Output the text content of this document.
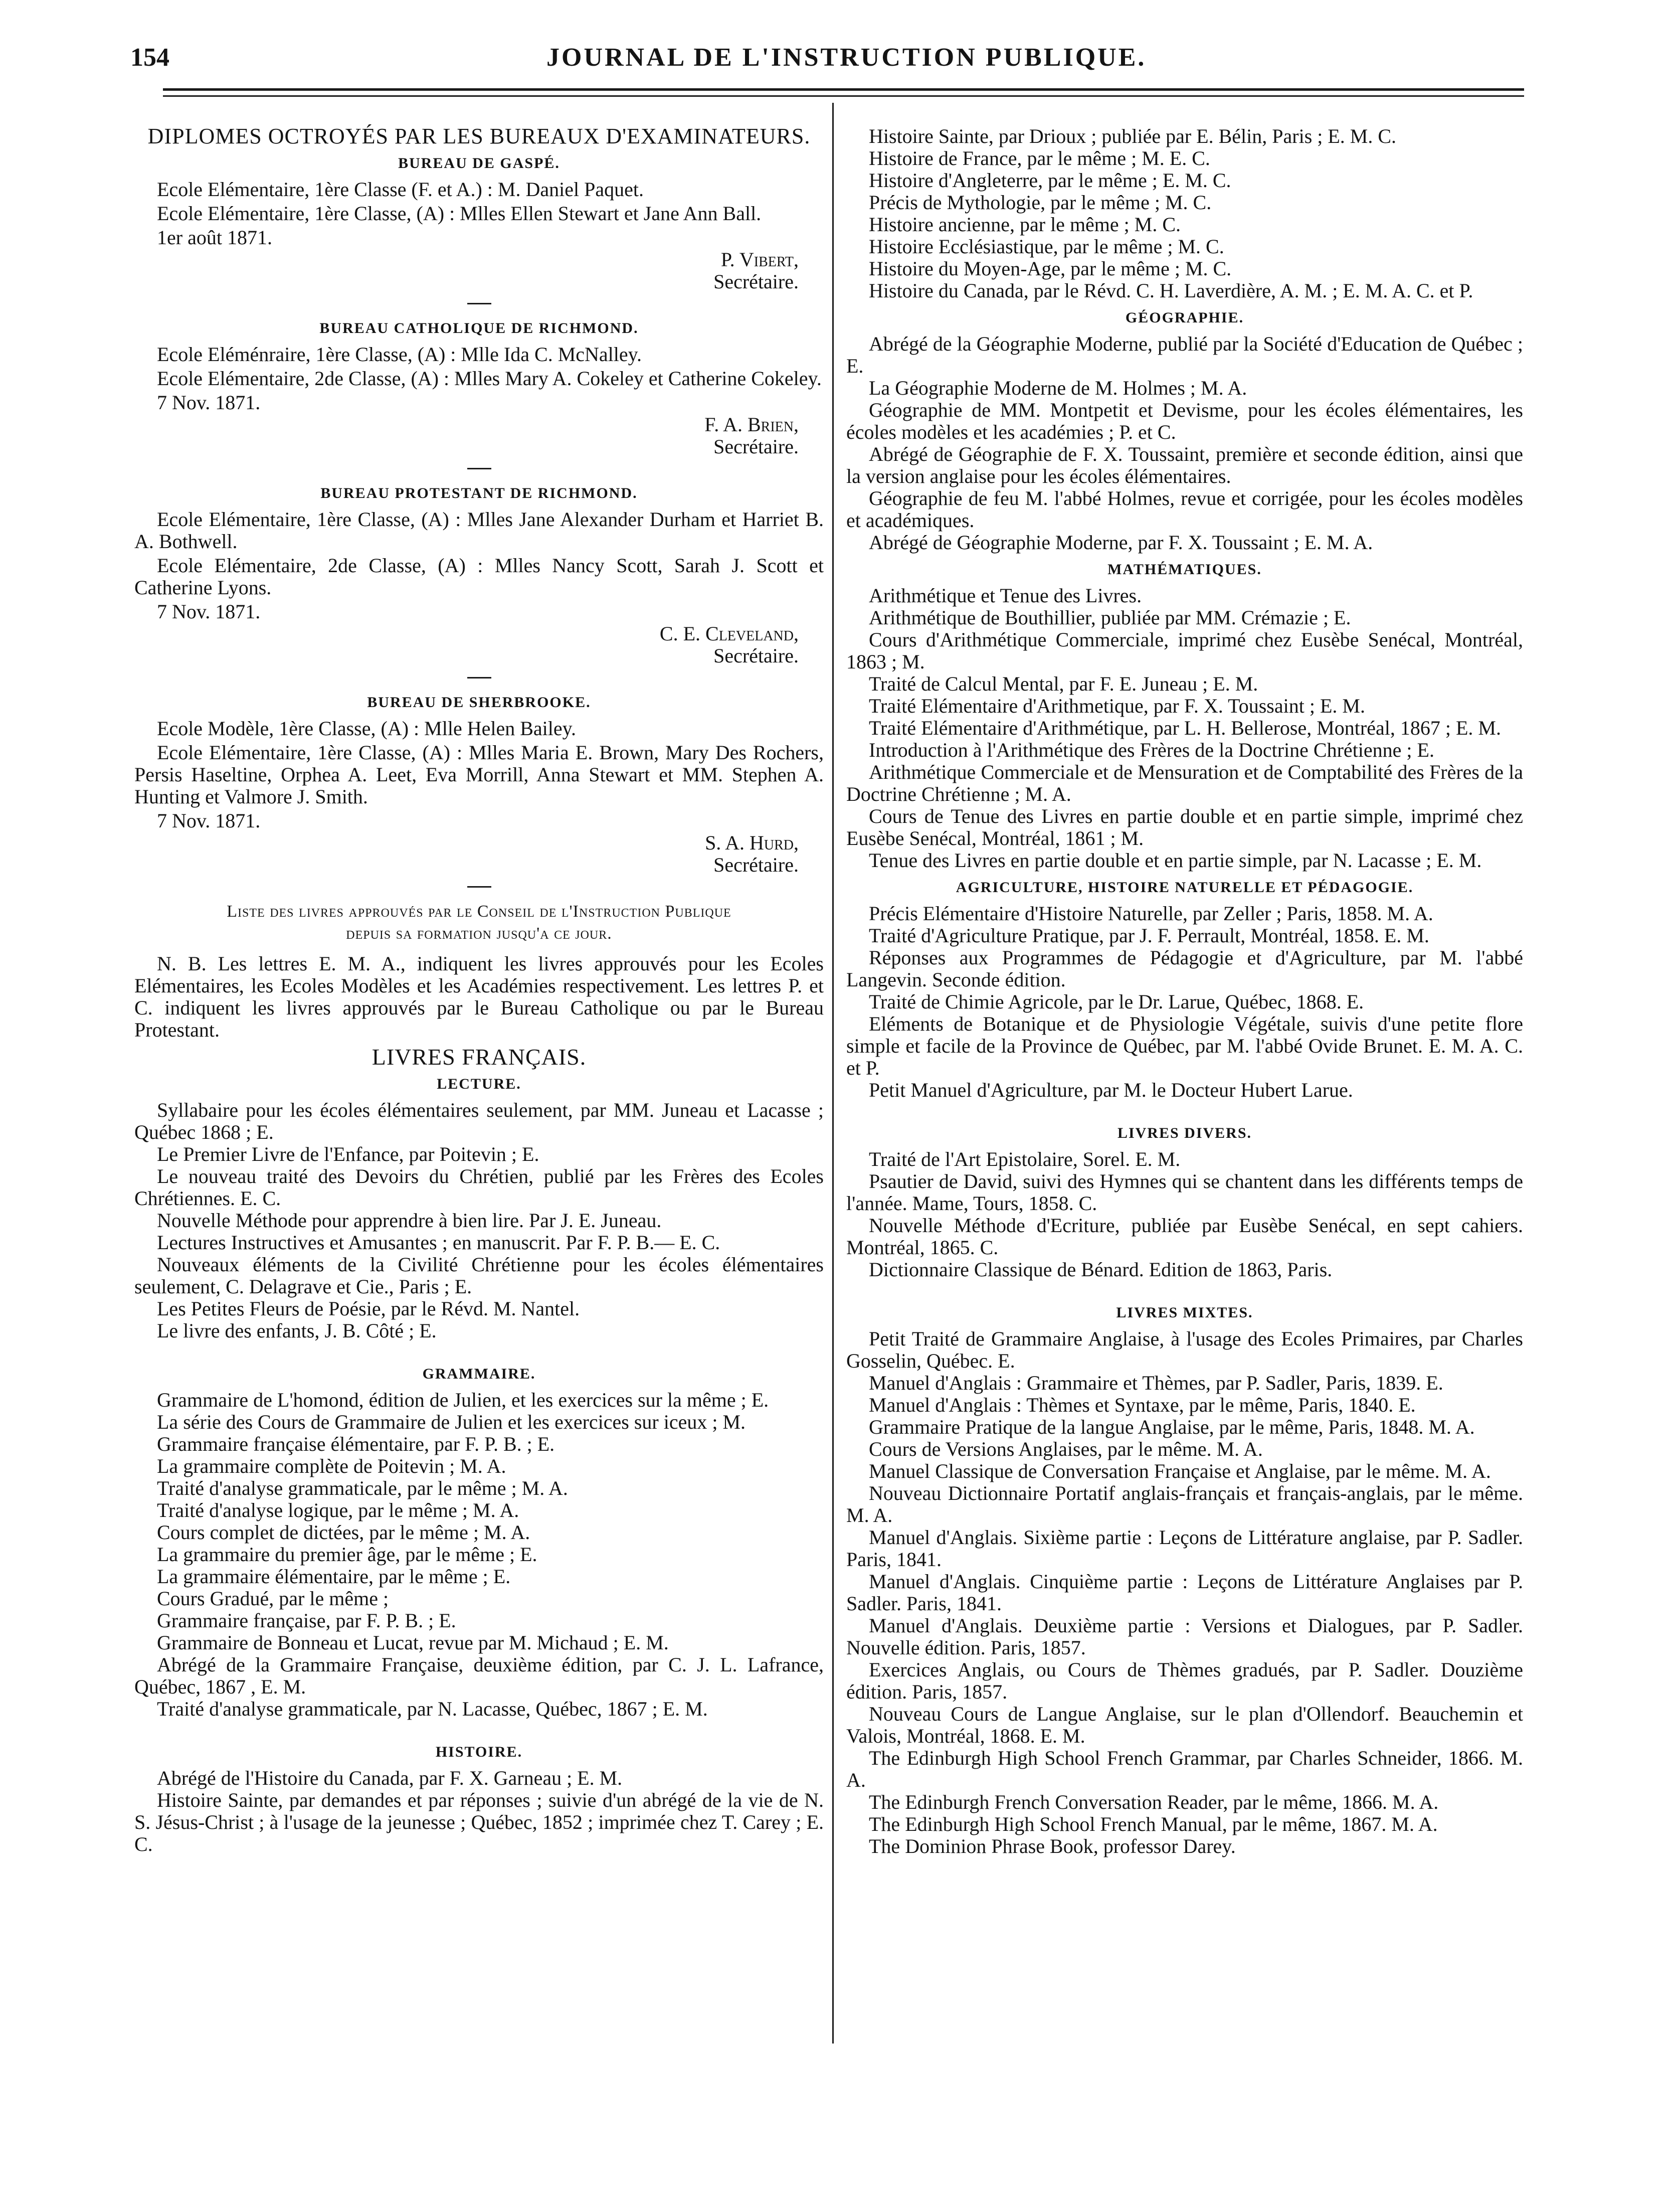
154	JOURNAL DE L'INSTRUCTION PUBLIQUE.
DIPLOMES OCTROYÉS PAR LES BUREAUX D'EXAMINATEURS.
BUREAU DE GASPÉ.

Ecole Elémentaire, 1ère Classe (F. et A.) : M. Daniel Paquet.

Ecole Elémentaire, 1ère Classe, (A) : Mlles Ellen Stewart et Jane Ann Ball.

1er août 1871.

P. Vibert,

Secrétaire.

BUREAU CATHOLIQUE DE RICHMOND.

Ecole Eléménraire, 1ère Classe, (A) : Mlle Ida C. McNalley.

Ecole Elémentaire, 2de Classe, (A) : Mlles Mary A. Cokeley et Catherine Cokeley.

7 Nov. 1871.

F. A. Brien,

Secrétaire.

BUREAU PROTESTANT DE RICHMOND.

Ecole Elémentaire, 1ère Classe, (A) : Mlles Jane Alexander Durham et Harriet B. A. Bothwell.

Ecole Elémentaire, 2de Classe, (A) : Mlles Nancy Scott, Sarah J. Scott et Catherine Lyons.

7 Nov. 1871.

C. E. Cleveland,

Secrétaire.

BUREAU DE SHERBROOKE.

Ecole Modèle, 1ère Classe, (A) : Mlle Helen Bailey.

Ecole Elémentaire, 1ère Classe, (A) : Mlles Maria E. Brown, Mary Des Rochers, Persis Haseltine, Orphea A. Leet, Eva Morrill, Anna Stewart et MM. Stephen A. Hunting et Valmore J. Smith.

7 Nov. 1871.

S. A. Hurd,

Secrétaire.

Liste des livres approuvés par le Conseil de l'Instruction Publique

depuis sa formation jusqu'a ce jour.

N. B. Les lettres E. M. A., indiquent les livres approuvés pour les Ecoles Elémentaires, les Ecoles Modèles et les Académies respectivement. Les lettres P. et C. indiquent les livres approuvés par le Bureau Catholique ou par le Bureau Protestant.

LIVRES FRANÇAIS.
LECTURE.

Syllabaire pour les écoles élémentaires seulement, par MM. Juneau et Lacasse ; Québec 1868 ; E.

Le Premier Livre de l'Enfance, par Poitevin ; E.

Le nouveau traité des Devoirs du Chrétien, publié par les Frères des Ecoles Chrétiennes. E. C.

Nouvelle Méthode pour apprendre à bien lire. Par J. E. Juneau.

Lectures Instructives et Amusantes ; en manuscrit. Par F. P. B.— E. C.

Nouveaux éléments de la Civilité Chrétienne pour les écoles élémentaires seulement, C. Delagrave et Cie., Paris ; E.

Les Petites Fleurs de Poésie, par le Révd. M. Nantel.

Le livre des enfants, J. B. Côté ; E.

GRAMMAIRE.

Grammaire de L'homond, édition de Julien, et les exercices sur la même ; E.

La série des Cours de Grammaire de Julien et les exercices sur iceux ; M.

Grammaire française élémentaire, par F. P. B. ; E.

La grammaire complète de Poitevin ; M. A.

Traité d'analyse grammaticale, par le même ; M. A.

Traité d'analyse logique, par le même ; M. A.

Cours complet de dictées, par le même ; M. A.

La grammaire du premier âge, par le même ; E.

La grammaire élémentaire, par le même ; E.

Cours Gradué, par le même ;

Grammaire française, par F. P. B. ; E.

Grammaire de Bonneau et Lucat, revue par M. Michaud ; E. M.

Abrégé de la Grammaire Française, deuxième édition, par C. J. L. Lafrance, Québec, 1867 , E. M.

Traité d'analyse grammaticale, par N. Lacasse, Québec, 1867 ; E. M.

HISTOIRE.

Abrégé de l'Histoire du Canada, par F. X. Garneau ; E. M.

Histoire Sainte, par demandes et par réponses ; suivie d'un abrégé de la vie de N. S. Jésus-Christ ; à l'usage de la jeunesse ; Québec, 1852 ; imprimée chez T. Carey ; E. C.

Histoire Sainte, par Drioux ; publiée par E. Bélin, Paris ; E. M. C.

Histoire de France, par le même ; M. E. C.

Histoire d'Angleterre, par le même ; E. M. C.

Précis de Mythologie, par le même ; M. C.

Histoire ancienne, par le même ; M. C.

Histoire Ecclésiastique, par le même ; M. C.

Histoire du Moyen-Age, par le même ; M. C.

Histoire du Canada, par le Révd. C. H. Laverdière, A. M. ; E. M. A. C. et P.

GÉOGRAPHIE.

Abrégé de la Géographie Moderne, publié par la Société d'Education de Québec ; E.

La Géographie Moderne de M. Holmes ; M. A.

Géographie de MM. Montpetit et Devisme, pour les écoles élémentaires, les écoles modèles et les académies ; P. et C.

Abrégé de Géographie de F. X. Toussaint, première et seconde édition, ainsi que la version anglaise pour les écoles élémentaires.

Géographie de feu M. l'abbé Holmes, revue et corrigée, pour les écoles modèles et académiques.

Abrégé de Géographie Moderne, par F. X. Toussaint ; E. M. A.

MATHÉMATIQUES.

Arithmétique et Tenue des Livres.

Arithmétique de Bouthillier, publiée par MM. Crémazie ; E.

Cours d'Arithmétique Commerciale, imprimé chez Eusèbe Senécal, Montréal, 1863 ; M.

Traité de Calcul Mental, par F. E. Juneau ; E. M.

Traité Elémentaire d'Arithmetique, par F. X. Toussaint ; E. M.

Traité Elémentaire d'Arithmétique, par L. H. Bellerose, Montréal, 1867 ; E. M.

Introduction à l'Arithmétique des Frères de la Doctrine Chrétienne ; E.

Arithmétique Commerciale et de Mensuration et de Comptabilité des Frères de la Doctrine Chrétienne ; M. A.

Cours de Tenue des Livres en partie double et en partie simple, imprimé chez Eusèbe Senécal, Montréal, 1861 ; M.

Tenue des Livres en partie double et en partie simple, par N. Lacasse ; E. M.

AGRICULTURE, HISTOIRE NATURELLE ET PÉDAGOGIE.

Précis Elémentaire d'Histoire Naturelle, par Zeller ; Paris, 1858. M. A.

Traité d'Agriculture Pratique, par J. F. Perrault, Montréal, 1858. E. M.

Réponses aux Programmes de Pédagogie et d'Agriculture, par M. l'abbé Langevin. Seconde édition.

Traité de Chimie Agricole, par le Dr. Larue, Québec, 1868. E.

Eléments de Botanique et de Physiologie Végétale, suivis d'une petite flore simple et facile de la Province de Québec, par M. l'abbé Ovide Brunet. E. M. A. C. et P.

Petit Manuel d'Agriculture, par M. le Docteur Hubert Larue.

LIVRES DIVERS.

Traité de l'Art Epistolaire, Sorel. E. M.

Psautier de David, suivi des Hymnes qui se chantent dans les différents temps de l'année. Mame, Tours, 1858. C.

Nouvelle Méthode d'Ecriture, publiée par Eusèbe Senécal, en sept cahiers. Montréal, 1865. C.

Dictionnaire Classique de Bénard. Edition de 1863, Paris.

LIVRES MIXTES.

Petit Traité de Grammaire Anglaise, à l'usage des Ecoles Primaires, par Charles Gosselin, Québec. E.

Manuel d'Anglais : Grammaire et Thèmes, par P. Sadler, Paris, 1839. E.

Manuel d'Anglais : Thèmes et Syntaxe, par le même, Paris, 1840. E.

Grammaire Pratique de la langue Anglaise, par le même, Paris, 1848. M. A.

Cours de Versions Anglaises, par le même. M. A.

Manuel Classique de Conversation Française et Anglaise, par le même. M. A.

Nouveau Dictionnaire Portatif anglais-français et français-anglais, par le même. M. A.

Manuel d'Anglais. Sixième partie : Leçons de Littérature anglaise, par P. Sadler. Paris, 1841.

Manuel d'Anglais. Cinquième partie : Leçons de Littérature Anglaises par P. Sadler. Paris, 1841.

Manuel d'Anglais. Deuxième partie : Versions et Dialogues, par P. Sadler. Nouvelle édition. Paris, 1857.

Exercices Anglais, ou Cours de Thèmes gradués, par P. Sadler. Douzième édition. Paris, 1857.

Nouveau Cours de Langue Anglaise, sur le plan d'Ollendorf. Beauchemin et Valois, Montréal, 1868. E. M.

The Edinburgh High School French Grammar, par Charles Schneider, 1866. M. A.

The Edinburgh French Conversation Reader, par le même, 1866. M. A.

The Edinburgh High School French Manual, par le même, 1867. M. A.

The Dominion Phrase Book, professor Darey.
